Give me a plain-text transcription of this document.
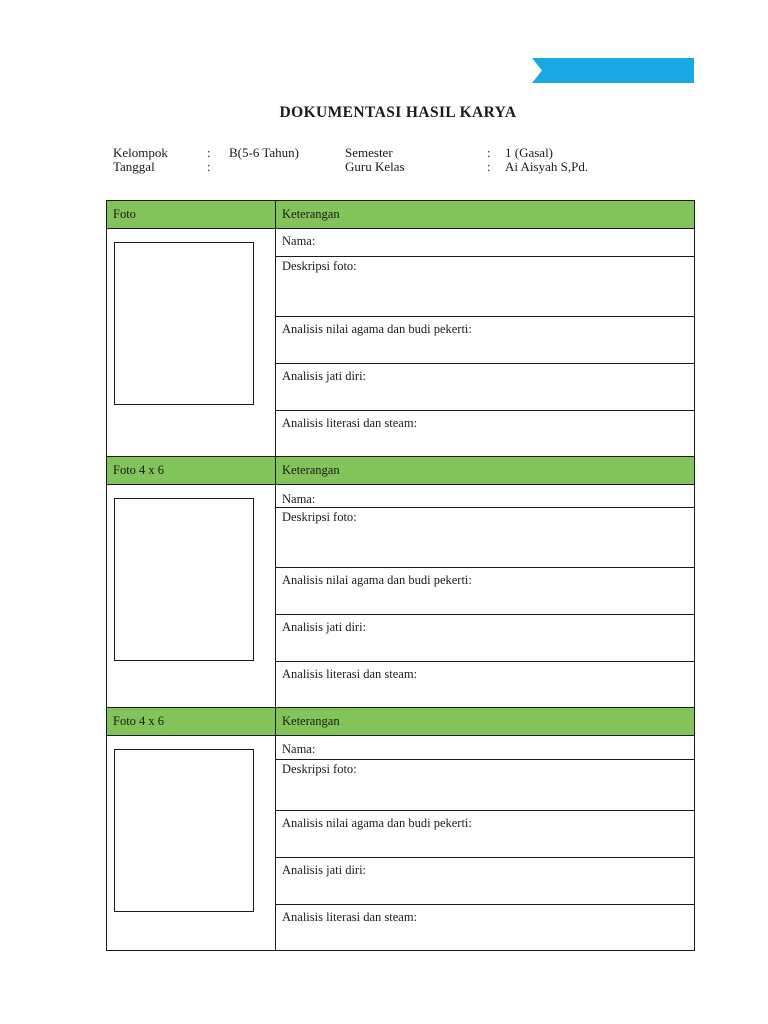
DOKUMENTASI HASIL KARYA
Kelompok	: B(5-6 Tahun)
Tanggal	:
Semester	: 1 (Gasal)
Guru Kelas	: Ai Aisyah S,Pd.
Foto	Keterangan

	Nama:

	Deskripsi foto:

	Analisis nilai agama dan budi pekerti:

	Analisis jati diri:

	Analisis literasi dan steam:
Foto 4 x 6	Keterangan

	Nama:

	Deskripsi foto:

	Analisis nilai agama dan budi pekerti:

	Analisis jati diri:

	Analisis literasi dan steam:
Foto 4 x 6	Keterangan

	Nama:

	Deskripsi foto:

	Analisis nilai agama dan budi pekerti:

	Analisis jati diri:

	Analisis literasi dan steam:
